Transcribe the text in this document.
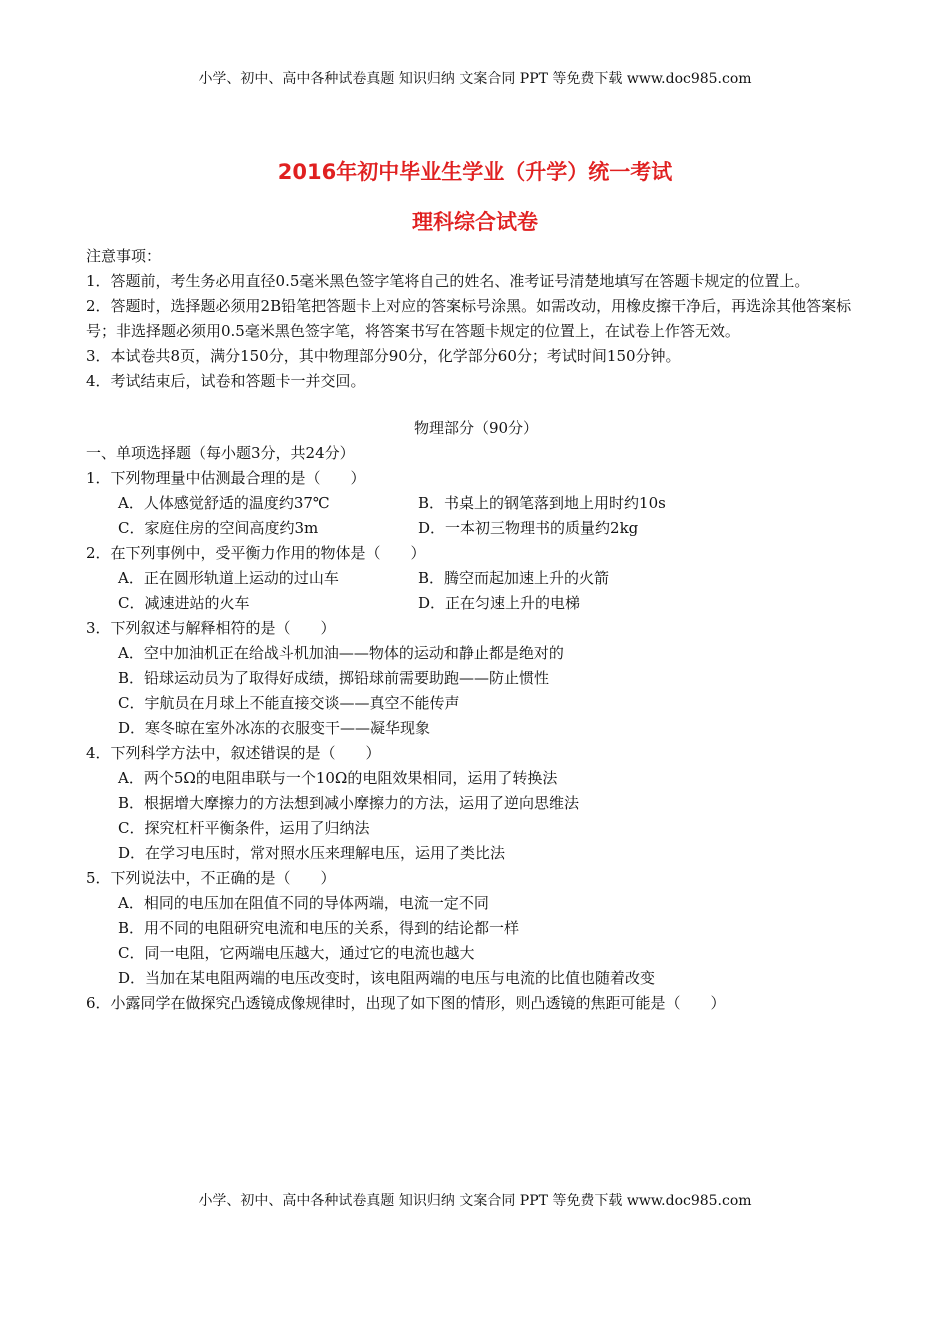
小学、初中、高中各种试卷真题 知识归纳 文案合同 PPT 等免费下载 www.doc985.com
2016年初中毕业生学业（升学）统一考试
理科综合试卷

注意事项：

1．答题前，考生务必用直径0.5毫米黑色签字笔将自己的姓名、准考证号清楚地填写在答题卡规定的位置上。

2．答题时，选择题必须用2B铅笔把答题卡上对应的答案标号涂黑。如需改动，用橡皮擦干净后，再选涂其他答案标号；非选择题必须用0.5毫米黑色签字笔，将答案书写在答题卡规定的位置上，在试卷上作答无效。

3．本试卷共8页，满分150分，其中物理部分90分，化学部分60分；考试时间150分钟。

4．考试结束后，试卷和答题卡一并交回。

物理部分（90分）

一、单项选择题（每小题3分，共24分）

1．下列物理量中估测最合理的是（　　）

A．人体感觉舒适的温度约37℃	B．书桌上的钢笔落到地上用时约10s
C．家庭住房的空间高度约3m	D．一本初三物理书的质量约2kg

2．在下列事例中，受平衡力作用的物体是（　　）

A．正在圆形轨道上运动的过山车	B．腾空而起加速上升的火箭
C．减速进站的火车	D．正在匀速上升的电梯

3．下列叙述与解释相符的是（　　）

A．空中加油机正在给战斗机加油——物体的运动和静止都是绝对的

B．铅球运动员为了取得好成绩，掷铅球前需要助跑——防止惯性

C．宇航员在月球上不能直接交谈——真空不能传声

D．寒冬晾在室外冰冻的衣服变干——凝华现象

4．下列科学方法中，叙述错误的是（　　）

A．两个5Ω的电阻串联与一个10Ω的电阻效果相同，运用了转换法

B．根据增大摩擦力的方法想到减小摩擦力的方法，运用了逆向思维法

C．探究杠杆平衡条件，运用了归纳法

D．在学习电压时，常对照水压来理解电压，运用了类比法

5．下列说法中，不正确的是（　　）

A．相同的电压加在阻值不同的导体两端，电流一定不同

B．用不同的电阻研究电流和电压的关系，得到的结论都一样

C．同一电阻，它两端电压越大，通过它的电流也越大

D．当加在某电阻两端的电压改变时，该电阻两端的电压与电流的比值也随着改变

6．小露同学在做探究凸透镜成像规律时，出现了如下图的情形，则凸透镜的焦距可能是（　　）

小学、初中、高中各种试卷真题 知识归纳 文案合同 PPT 等免费下载 www.doc985.com
